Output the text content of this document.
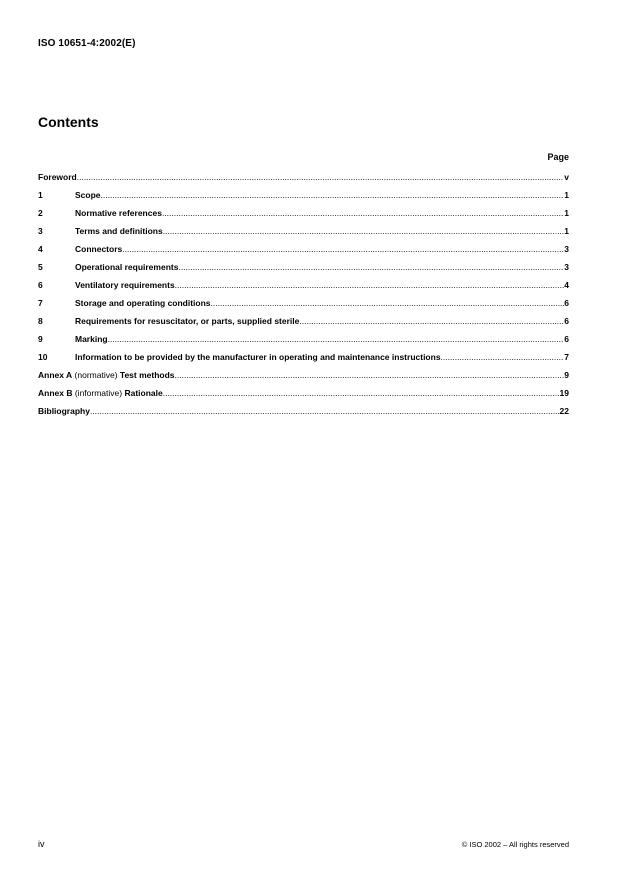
ISO 10651-4:2002(E)
Contents
Page
Foreword .....	v
1	Scope .....	1
2	Normative references .....	1
3	Terms and definitions .....	1
4	Connectors .....	3
5	Operational requirements .....	3
6	Ventilatory requirements .....	4
7	Storage and operating conditions .....	6
8	Requirements for resuscitator, or parts, supplied sterile .....	6
9	Marking .....	6
10	Information to be provided by the manufacturer in operating and maintenance instructions .....	7
Annex A (normative) Test methods .....	9
Annex B (informative) Rationale .....	19
Bibliography .....	22
iv	© ISO 2002 – All rights reserved
